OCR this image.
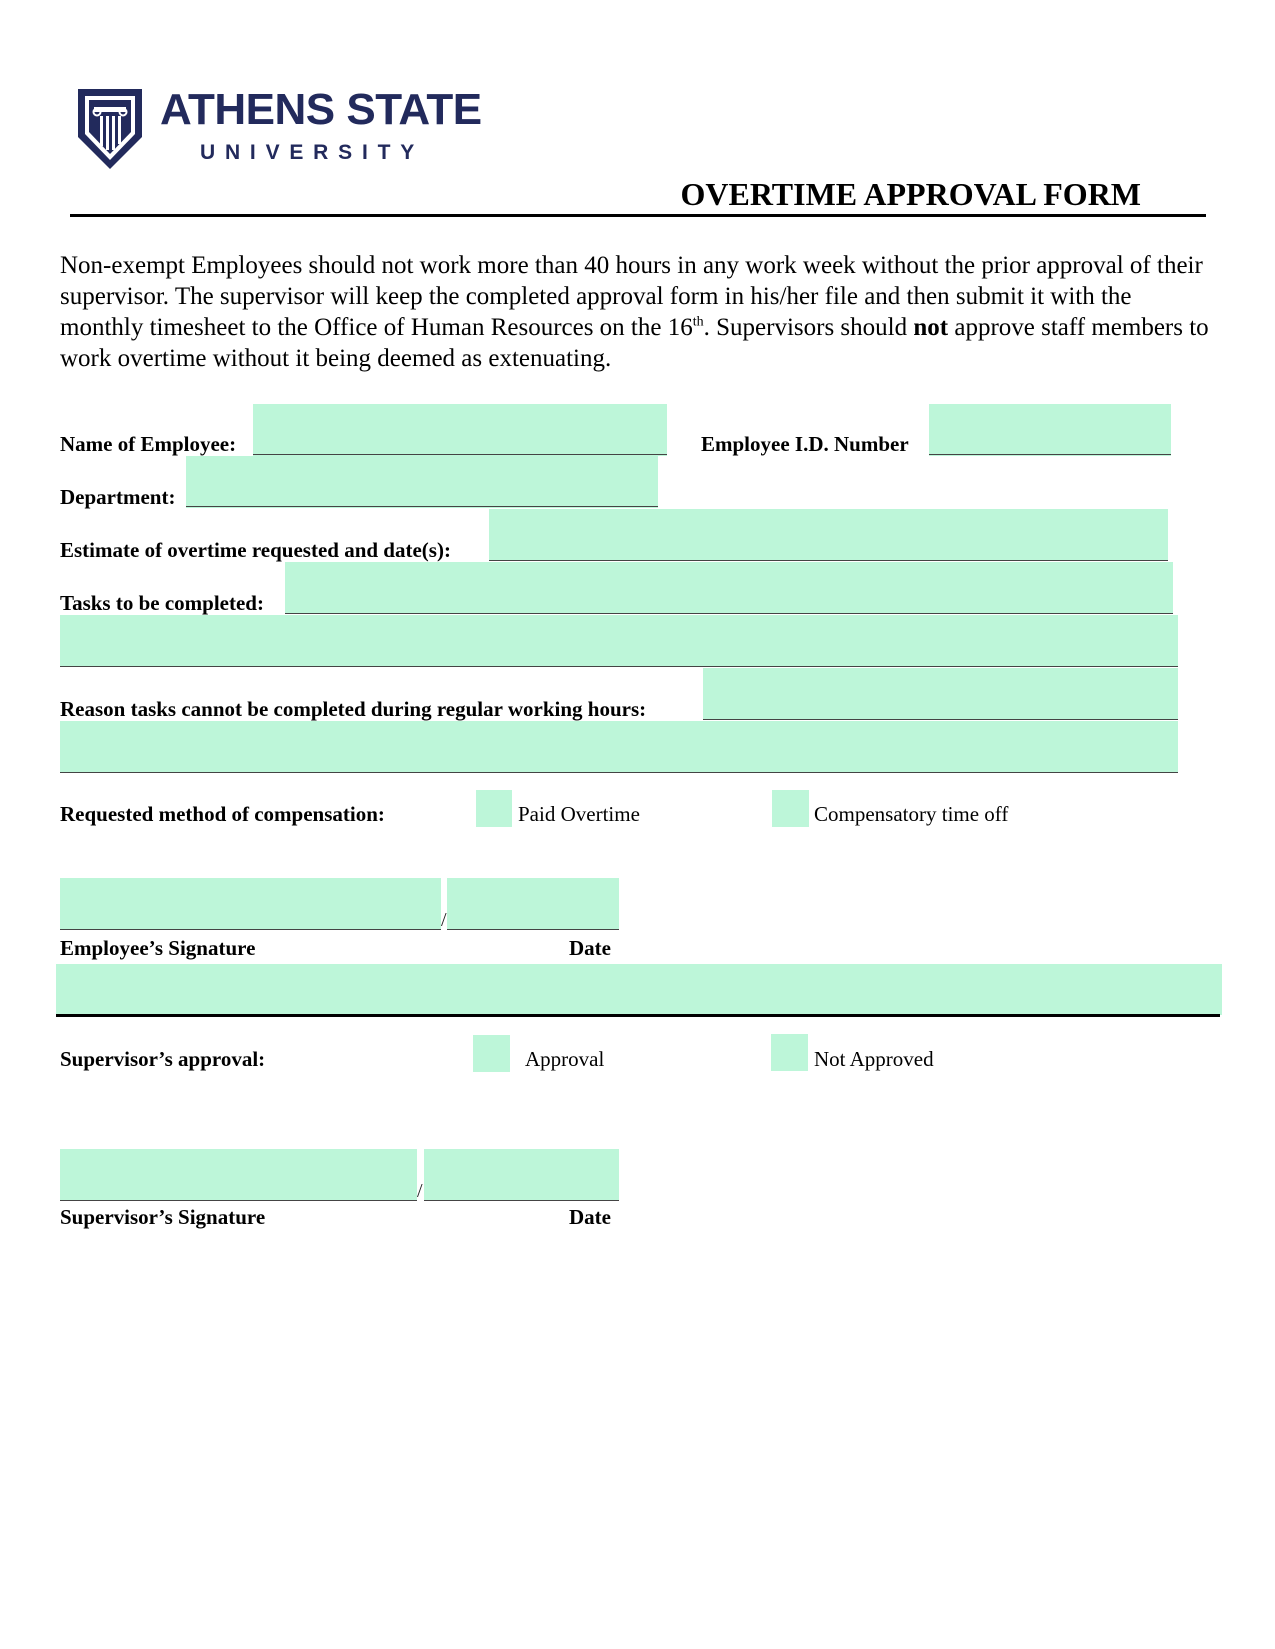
ATHENS STATE
UNIVERSITY
OVERTIME APPROVAL FORM
Non-exempt Employees should not work more than 40 hours in any work week without the prior approval of their supervisor. The supervisor will keep the completed approval form in his/her file and then submit it with the monthly timesheet to the Office of Human Resources on the 16th. Supervisors should not approve staff members to work overtime without it being deemed as extenuating.
Name of Employee:	Employee I.D. Number
Department:
Estimate of overtime requested and date(s):
Tasks to be completed:
Reason tasks cannot be completed during regular working hours:
Requested method of compensation:	Paid Overtime	Compensatory time off
/
Employee’s Signature	Date
Supervisor’s approval:	Approval	Not Approved
/
Supervisor’s Signature	Date
